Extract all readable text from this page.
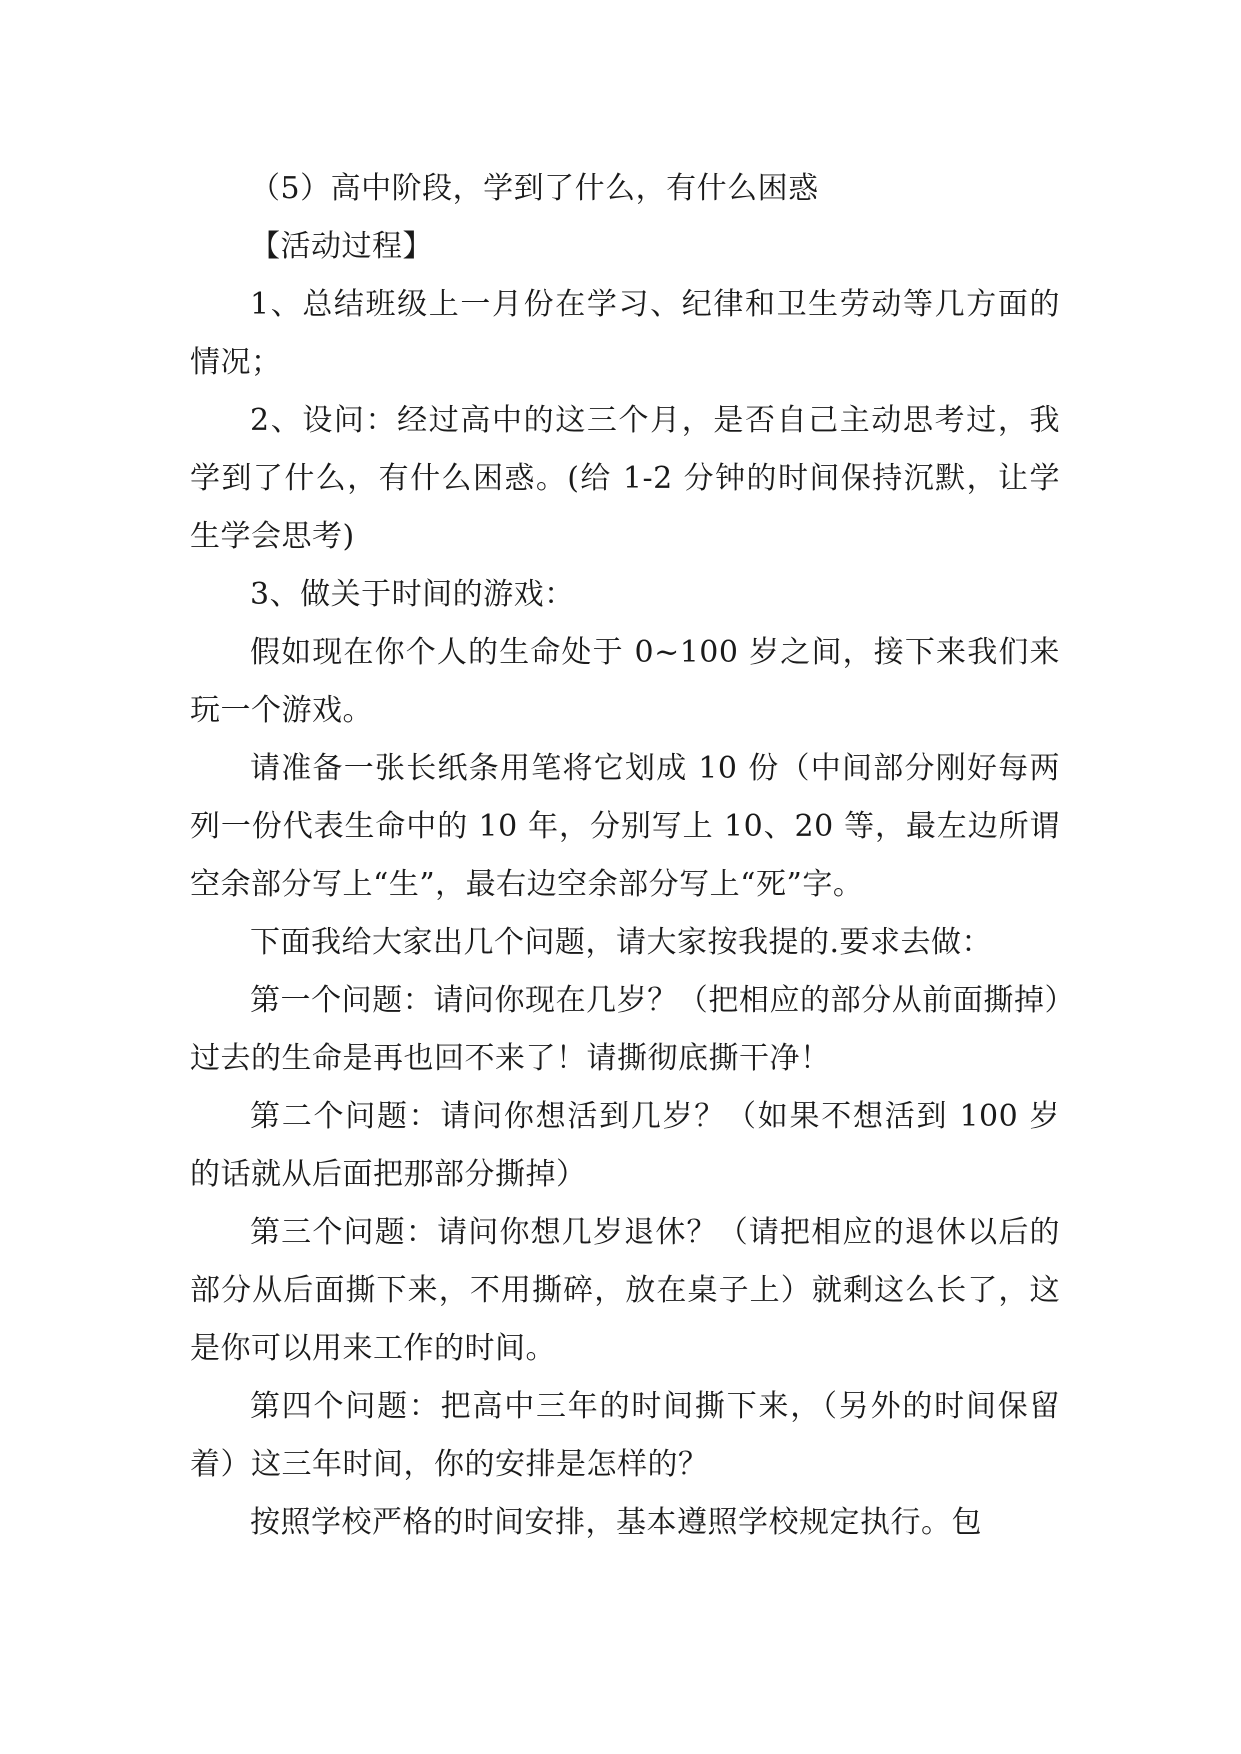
（5）高中阶段，学到了什么，有什么困惑

【活动过程】

1、总结班级上一月份在学习、纪律和卫生劳动等几方面的情况；

2、设问：经过高中的这三个月，是否自己主动思考过，我学到了什么，有什么困惑。(给 1-2 分钟的时间保持沉默，让学生学会思考)

3、做关于时间的游戏：

假如现在你个人的生命处于 0~100 岁之间，接下来我们来玩一个游戏。

请准备一张长纸条用笔将它划成 10 份（中间部分刚好每两列一份代表生命中的 10 年，分别写上 10、20 等，最左边所谓空余部分写上“生”，最右边空余部分写上“死”字。

下面我给大家出几个问题，请大家按我提的.要求去做：

第一个问题：请问你现在几岁？（把相应的部分从前面撕掉）过去的生命是再也回不来了！请撕彻底撕干净！

第二个问题：请问你想活到几岁？（如果不想活到 100 岁的话就从后面把那部分撕掉）

第三个问题：请问你想几岁退休？（请把相应的退休以后的部分从后面撕下来，不用撕碎，放在桌子上）就剩这么长了，这是你可以用来工作的时间。

第四个问题：把高中三年的时间撕下来，（另外的时间保留着）这三年时间，你的安排是怎样的？

按照学校严格的时间安排，基本遵照学校规定执行。包
